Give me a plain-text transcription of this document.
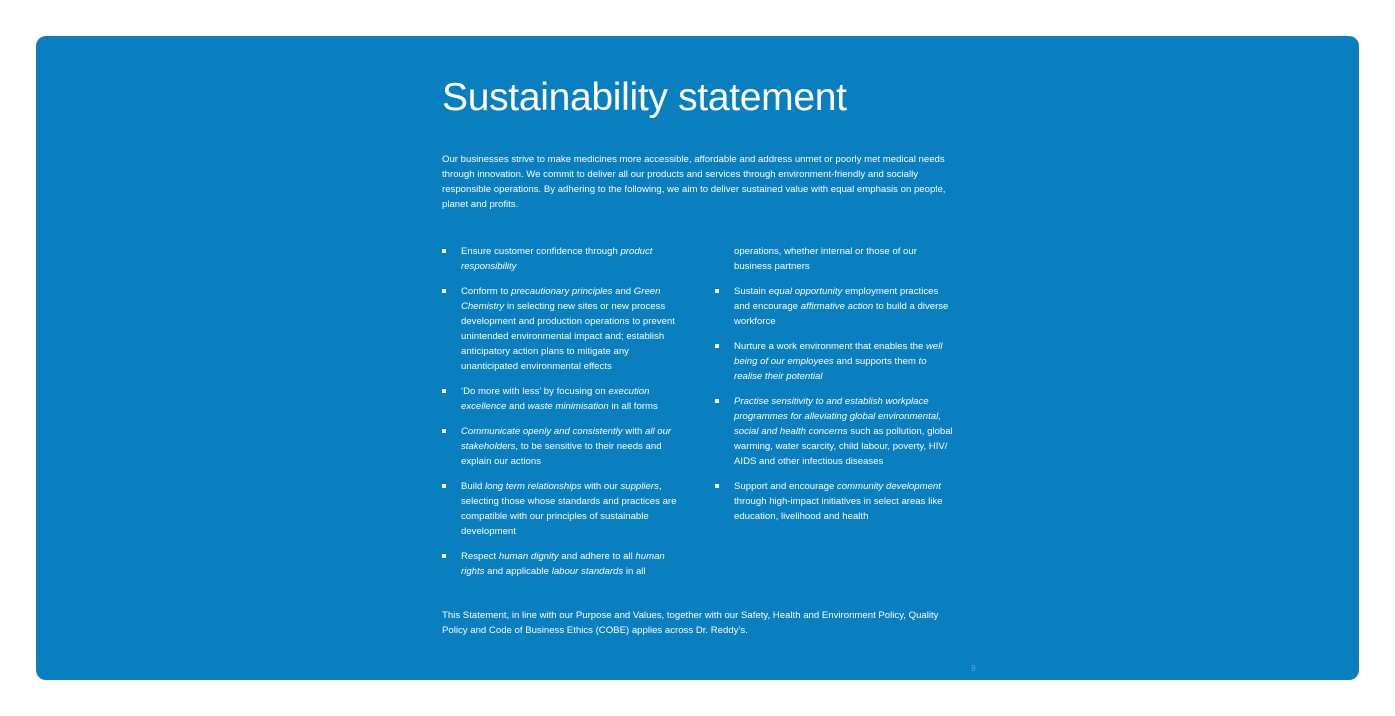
Sustainability statement

Our businesses strive to make medicines more accessible, affordable and address unmet or poorly met medical needs through innovation. We commit to deliver all our products and services through environment-friendly and socially responsible operations. By adhering to the following, we aim to deliver sustained value with equal emphasis on people, planet and profits.

Ensure customer confidence through product responsibility
Conform to precautionary principles and Green Chemistry in selecting new sites or new process development and production operations to prevent unintended environmental impact and; establish anticipatory action plans to mitigate any unanticipated environmental effects
‘Do more with less’ by focusing on execution excellence and waste minimisation in all forms
Communicate openly and consistently with all our stakeholders, to be sensitive to their needs and explain our actions
Build long term relationships with our suppliers, selecting those whose standards and practices are compatible with our principles of sustainable development
Respect human dignity and adhere to all human rights and applicable labour standards in all
operations, whether internal or those of our business partners
Sustain equal opportunity employment practices and encourage affirmative action to build a diverse workforce
Nurture a work environment that enables the well being of our employees and supports them to realise their potential
Practise sensitivity to and establish workplace programmes for alleviating global environmental, social and health concerns such as pollution, global warming, water scarcity, child labour, poverty, HIV/ AIDS and other infectious diseases
Support and encourage community development through high-impact initiatives in select areas like education, livelihood and health

This Statement, in line with our Purpose and Values, together with our Safety, Health and Environment Policy, Quality Policy and Code of Business Ethics (COBE) applies across Dr. Reddy’s.

9
